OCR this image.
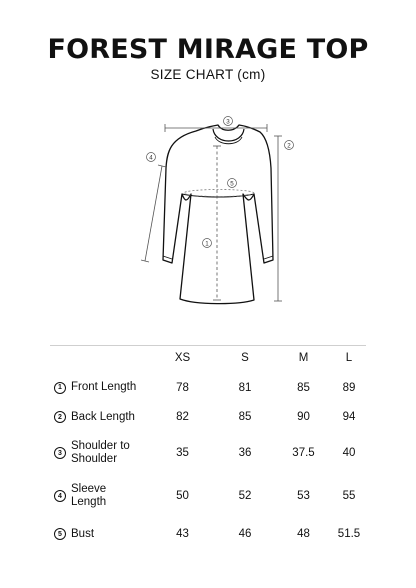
FOREST MIRAGE TOP
SIZE CHART (cm)
3
2
4
5
1
	XS	S	M	L

1 Front Length	78	81	85	89

2 Back Length	82	85	90	94

3
Shoulder to Shoulder	35	36	37.5	40

4
Sleeve Length	50	52	53	55

5 Bust	43	46	48	51.5
